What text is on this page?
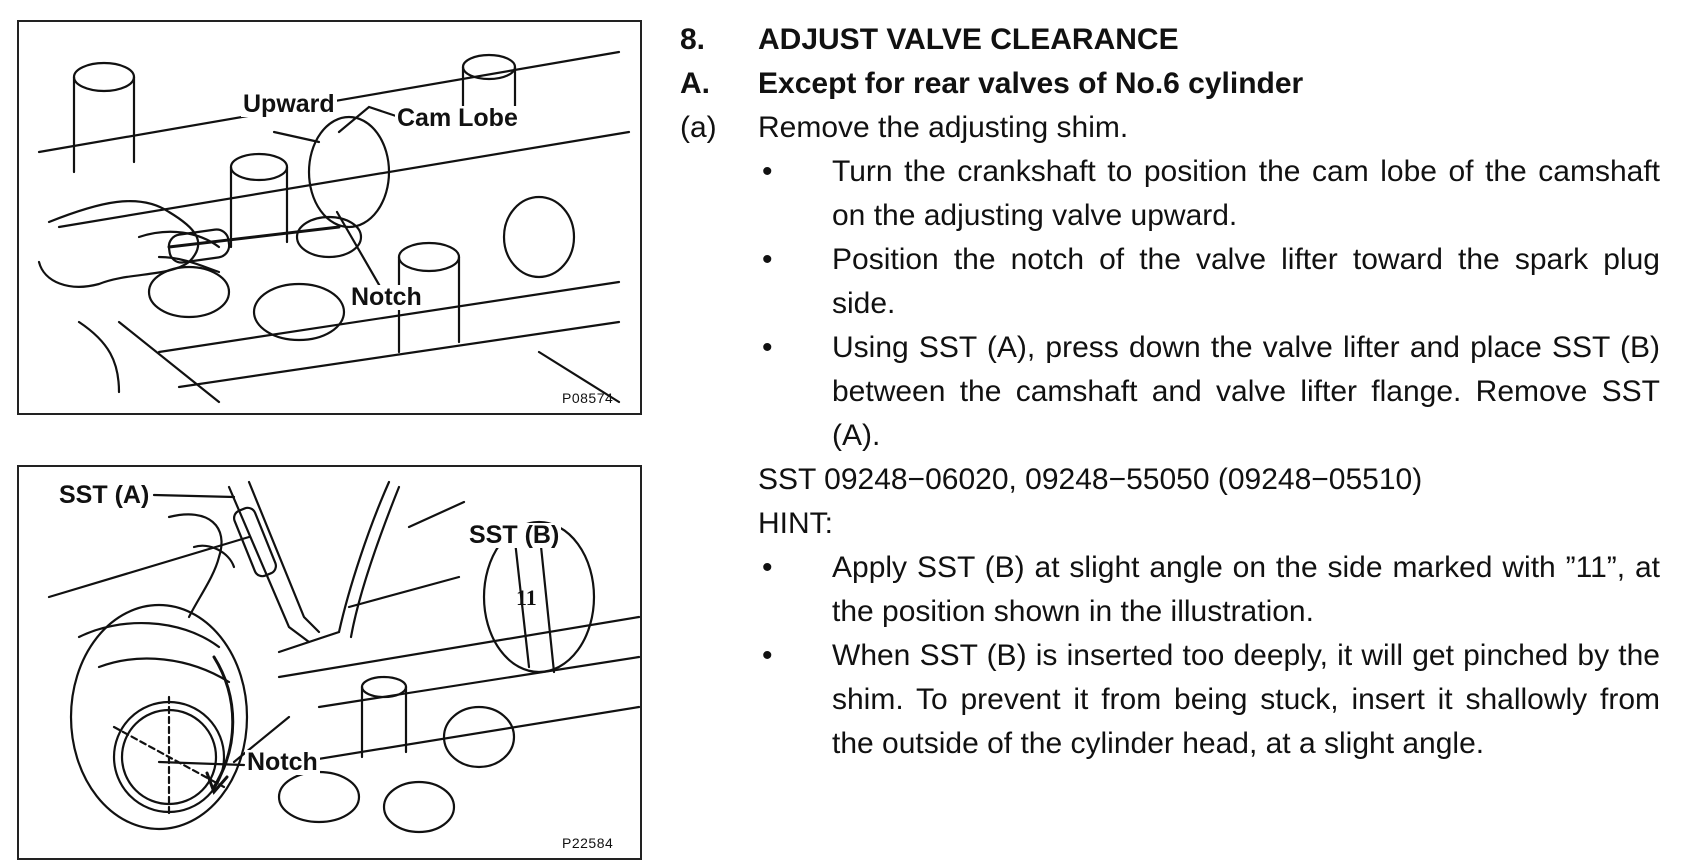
Upward Cam Lobe
Notch
P08574
SST (A)
SST (B)
11
Notch
P22584
8. ADJUST VALVE CLEARANCE
A. Except for rear valves of No.6 cylinder
(a) Remove the adjusting shim.
• Turn the crankshaft to position the cam lobe of the camshaft on the adjusting valve upward.
• Position the notch of the valve lifter toward the spark plug side.
• Using SST (A), press down the valve lifter and place SST (B) between the camshaft and valve lifter flange. Remove SST (A).
SST 09248−06020, 09248−55050 (09248−05510)
HINT:
• Apply SST (B) at slight angle on the side marked with ”11”, at the position shown in the illustration.
• When SST (B) is inserted too deeply, it will get pinched by the shim. To prevent it from being stuck, insert it shallowly from the outside of the cylinder head, at a slight angle.
